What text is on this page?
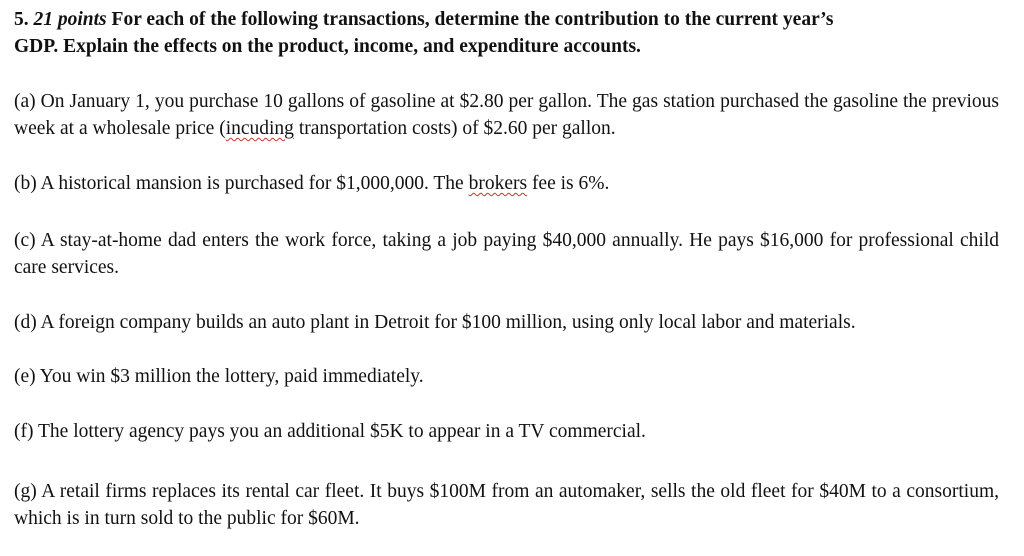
5. 21 points For each of the following transactions, determine the contribution to the current year’s
GDP. Explain the effects on the product, income, and expenditure accounts.

(a) On January 1, you purchase 10 gallons of gasoline at $2.80 per gallon. The gas station purchased the gasoline the previous week at a wholesale price (incuding transportation costs) of $2.60 per gallon.

(b) A historical mansion is purchased for $1,000,000. The brokers fee is 6%.

(c) A stay-at-home dad enters the work force, taking a job paying $40,000 annually. He pays $16,000 for professional child care services.

(d) A foreign company builds an auto plant in Detroit for $100 million, using only local labor and materials.

(e) You win $3 million the lottery, paid immediately.

(f) The lottery agency pays you an additional $5K to appear in a TV commercial.

(g) A retail firms replaces its rental car fleet. It buys $100M from an automaker, sells the old fleet for $40M to a consortium, which is in turn sold to the public for $60M.
